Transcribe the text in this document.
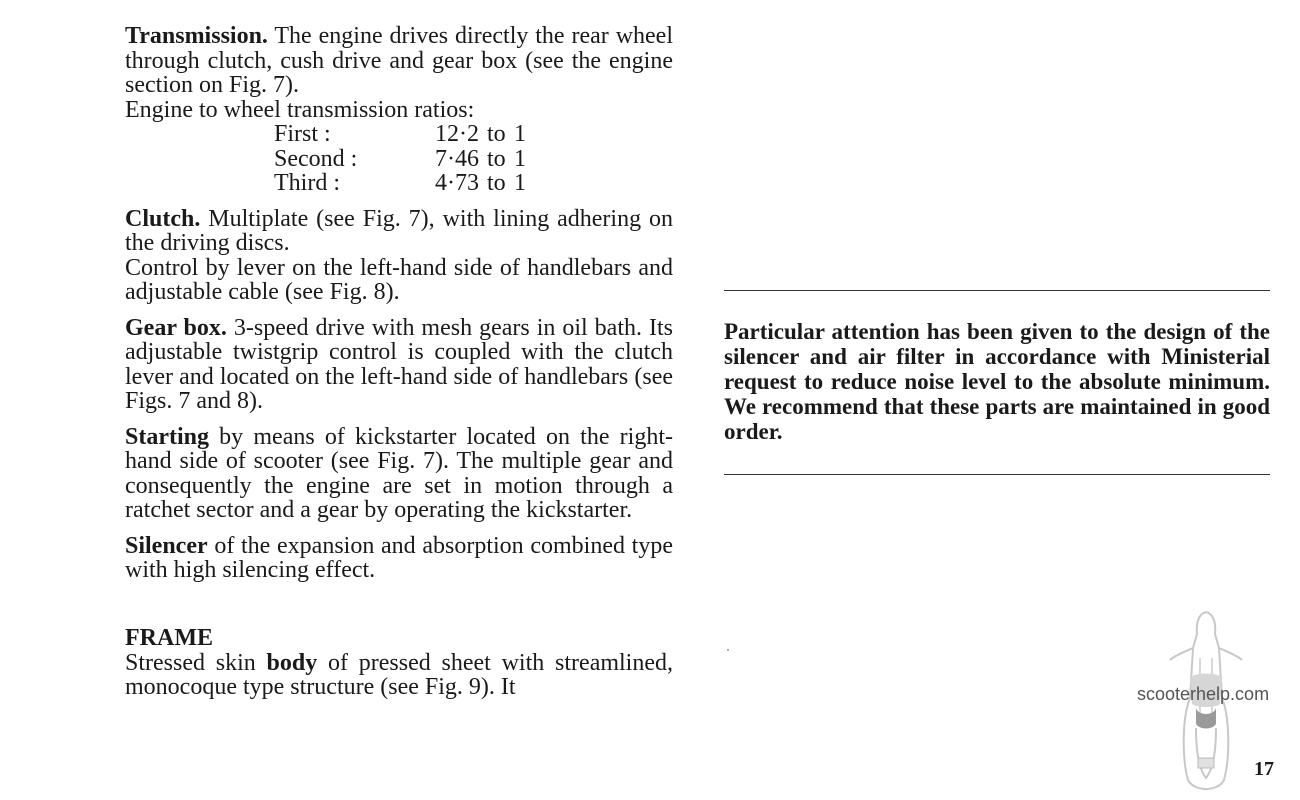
Transmission. The engine drives directly the rear wheel through clutch, cush drive and gear box (see the engine section on Fig. 7).

Engine to wheel transmission ratios:

First :	12·2	to	1
Second :	7·46	to	1
Third :	4·73	to	1

Clutch. Multiplate (see Fig. 7), with lining adhering on the driving discs.

Control by lever on the left-hand side of handlebars and adjustable cable (see Fig. 8).

Gear box. 3-speed drive with mesh gears in oil bath. Its adjustable twistgrip control is coupled with the clutch lever and located on the left-hand side of handlebars (see Figs. 7 and 8).

Starting by means of kickstarter located on the right-hand side of scooter (see Fig. 7). The multiple gear and consequently the engine are set in motion through a ratchet sector and a gear by operating the kickstarter.

Silencer of the expansion and absorption combined type with high silencing effect.

FRAME

Stressed skin body of pressed sheet with streamlined, monocoque type structure (see Fig. 9). It

Particular attention has been given to the design of the silencer and air filter in accordance with Ministerial request to reduce noise level to the absolute minimum. We recommend that these parts are maintained in good order.

scooterhelp.com
17
